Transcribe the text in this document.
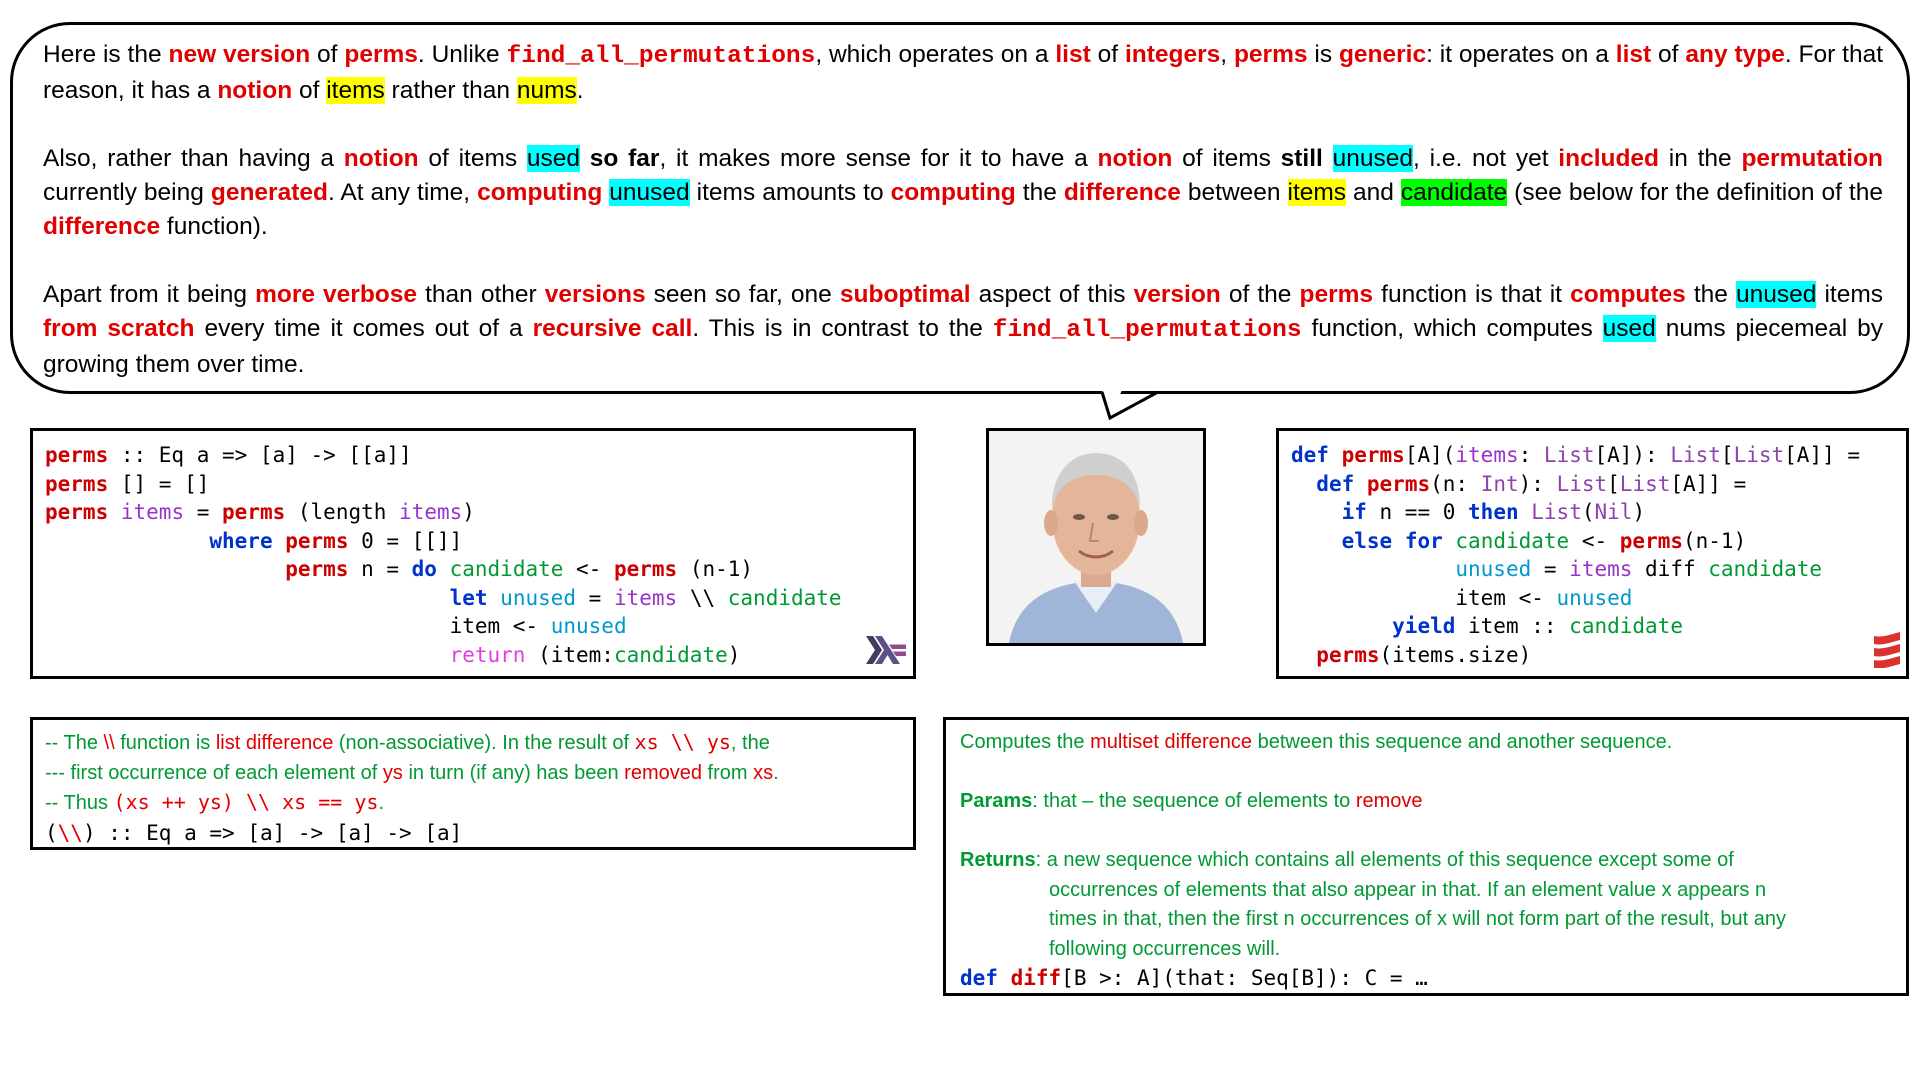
Here is the new version of perms. Unlike find_all_permutations, which operates on a list of integers, perms is generic: it operates on a list of any type. For that reason, it has a notion of items rather than nums.

Also, rather than having a notion of items used so far, it makes more sense for it to have a notion of items still unused, i.e. not yet included in the permutation currently being generated. At any time, computing unused items amounts to computing the difference between items and candidate (see below for the definition of the difference function).

Apart from it being more verbose than other versions seen so far, one suboptimal aspect of this version of the perms function is that it computes the unused items from scratch every time it comes out of a recursive call. This is in contrast to the find_all_permutations function, which computes used nums piecemeal by growing them over time.

perms :: Eq a => [a] -> [[a]]
perms [] = []
perms items = perms (length items)
where perms 0 = [[]]
perms n = do candidate <- perms (n-1)
let unused = items \\ candidate
item <- unused
return (item:candidate)
def perms[A](items: List[A]): List[List[A]] =
def perms(n: Int): List[List[A]] =
if n == 0 then List(Nil)
else for candidate <- perms(n-1)
unused = items diff candidate
item <- unused
yield item :: candidate
perms(items.size)
-- The \\ function is list difference (non-associative). In the result of xs \\ ys, the
--- first occurrence of each element of ys in turn (if any) has been removed from xs.
-- Thus (xs ++ ys) \\ xs == ys.
(\\) :: Eq a => [a] -> [a] -> [a]
Computes the multiset difference between this sequence and another sequence.
Params: that – the sequence of elements to remove
Returns: a new sequence which contains all elements of this sequence except some of
occurrences of elements that also appear in that. If an element value x appears n
times in that, then the first n occurrences of x will not form part of the result, but any
following occurrences will.
def diff[B >: A](that: Seq[B]): C = …
